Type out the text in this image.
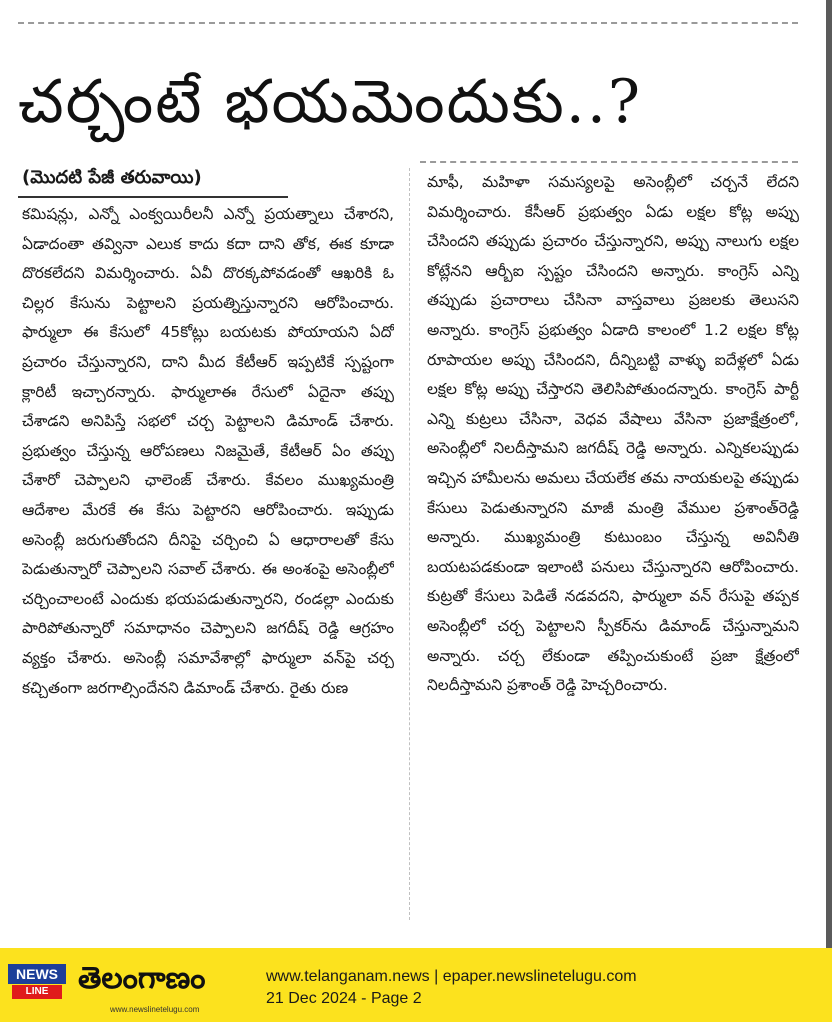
చర్చంటే భయమెందుకు..?
(మొదటి పేజీ తరువాయి)
కమిషన్లు, ఎన్నో ఎంక్వయిరీలనీ ఎన్నో ప్రయత్నాలు చేశారని, ఏడాదంతా తవ్వినా ఎలుక కాదు కదా దాని తోక, ఈక కూడా దొరకలేదని విమర్శించారు. ఏవీ దొరక్కపోవడంతో ఆఖరికి ఓ చిల్లర కేసును పెట్టాలని ప్రయత్నిస్తున్నారని ఆరోపించారు. ఫార్ములా ఈ కేసులో 45కోట్లు బయటకు పోయాయని ఏదో ప్రచారం చేస్తున్నారని, దాని మీద కేటీఆర్ ఇప్పటికే స్పష్టంగా క్లారిటీ ఇచ్చారన్నారు. ఫార్ములాఈ రేసులో ఏదైనా తప్పు చేశాడని అనిపిస్తే సభలో చర్చ పెట్టాలని డిమాండ్ చేశారు. ప్రభుత్వం చేస్తున్న ఆరోపణలు నిజమైతే, కేటీఆర్ ఏం తప్పు చేశారో చెప్పాలని ఛాలెంజ్ చేశారు. కేవలం ముఖ్యమంత్రి ఆదేశాల మేరకే ఈ కేసు పెట్టారని ఆరోపించారు. ఇప్పుడు అసెంబ్లీ జరుగుతోందని దీనిపై చర్చించి ఏ ఆధారాలతో కేసు పెడుతున్నారో చెప్పాలని సవాల్ చేశారు. ఈ అంశంపై అసెంబ్లీలో చర్చించాలంటే ఎందుకు భయపడుతున్నారని, రండల్లా ఎందుకు పారిపోతున్నారో సమాధానం చెప్పాలని జగదీష్ రెడ్డి ఆగ్రహం వ్యక్తం చేశారు. అసెంబ్లీ సమావేశాల్లో ఫార్ములా వన్‌పై చర్చ కచ్చితంగా జరగాల్సిందేనని డిమాండ్ చేశారు. రైతు రుణ
మాఫీ, మహిళా సమస్యలపై అసెంబ్లీలో చర్చనే లేదని విమర్శించారు. కేసీఆర్ ప్రభుత్వం ఏడు లక్షల కోట్ల అప్పు చేసిందని తప్పుడు ప్రచారం చేస్తున్నారని, అప్పు నాలుగు లక్షల కోట్లేనని ఆర్బీఐ స్పష్టం చేసిందని అన్నారు. కాంగ్రెస్ ఎన్ని తప్పుడు ప్రచారాలు చేసినా వాస్తవాలు ప్రజలకు తెలుసని అన్నారు. కాంగ్రెస్ ప్రభుత్వం ఏడాది కాలంలో 1.2 లక్షల కోట్ల రూపాయల అప్పు చేసిందని, దీన్నిబట్టి వాళ్ళు ఐదేళ్లలో ఏడు లక్షల కోట్ల అప్పు చేస్తారని తెలిసిపోతుందన్నారు. కాంగ్రెస్ పార్టీ ఎన్ని కుట్రలు చేసినా, వెధవ వేషాలు వేసినా ప్రజాక్షేత్రంలో, అసెంబ్లీలో నిలదీస్తామని జగదీష్ రెడ్డి అన్నారు. ఎన్నికలప్పుడు ఇచ్చిన హామీలను అమలు చేయలేక తమ నాయకులపై తప్పుడు కేసులు పెడుతున్నారని మాజీ మంత్రి వేముల ప్రశాంత్‌రెడ్డి అన్నారు. ముఖ్యమంత్రి కుటుంబం చేస్తున్న అవినీతి బయటపడకుండా ఇలాంటి పనులు చేస్తున్నారని ఆరోపించారు. కుట్రతో కేసులు పెడితే నడవదని, ఫార్ములా వన్ రేసుపై తప్పక అసెంబ్లీలో చర్చ పెట్టాలని స్పీకర్‌ను డిమాండ్ చేస్తున్నామని అన్నారు. చర్చ లేకుండా తప్పించుకుంటే ప్రజా క్షేత్రంలో నిలదీస్తామని ప్రశాంత్ రెడ్డి హెచ్చరించారు.
NEWS
LINE తెలంగాణం
www.newslinetelugu.com
www.telanganam.news | epaper.newslinetelugu.com
21 Dec 2024 - Page 2
